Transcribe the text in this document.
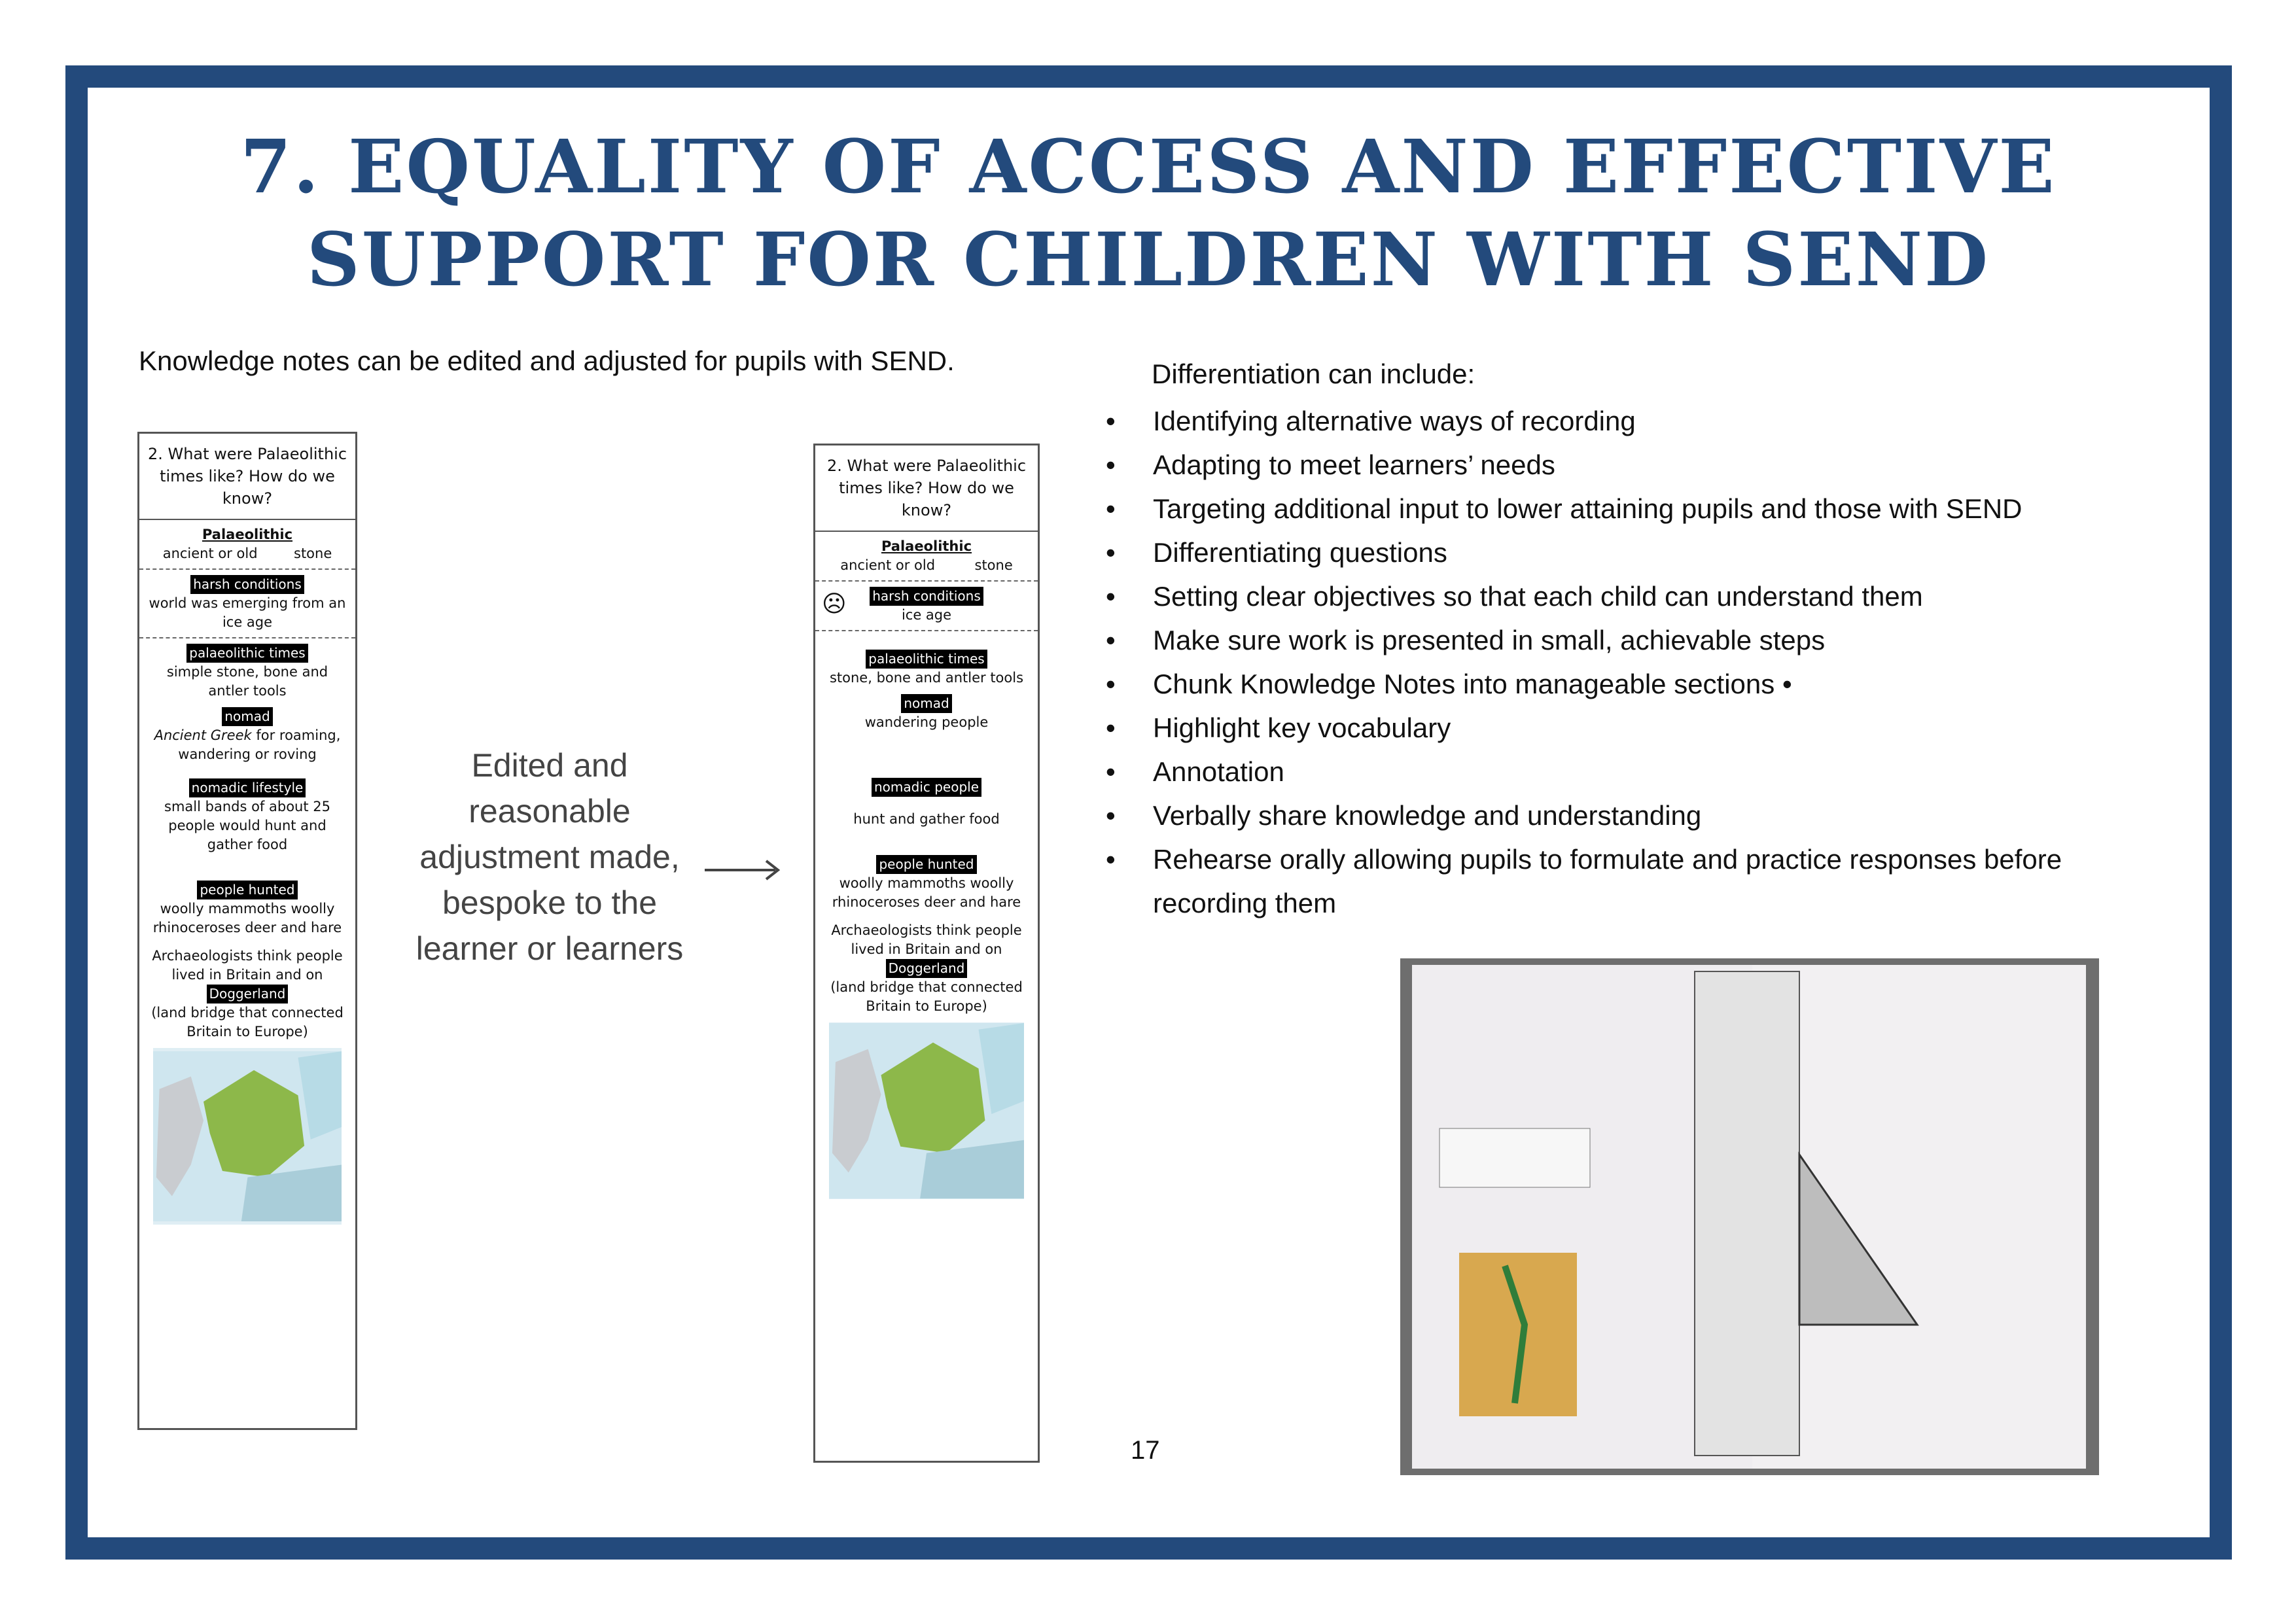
7. EQUALITY OF ACCESS AND EFFECTIVE SUPPORT FOR CHILDREN WITH SEND
Knowledge notes can be edited and adjusted for pupils with SEND.	Differentiation can include:
• Identifying alternative ways of recording
• Adapting to meet learners’ needs
• Targeting additional input to lower attaining pupils and those with SEND
• Differentiating questions
• Setting clear objectives so that each child can understand them
• Make sure work is presented in small, achievable steps
• Chunk Knowledge Notes into manageable sections •
• Highlight key vocabulary
• Annotation
• Verbally share knowledge and understanding
• Rehearse orally allowing pupils to formulate and practice responses before recording them
2. What were Palaeolithic times like? How do we know?
Palaeolithic
ancient or old	stone
harsh conditions
world was emerging from an ice age
palaeolithic times
simple stone, bone and antler tools
nomad
Ancient Greek for roaming, wandering or roving
nomadic lifestyle
small bands of about 25 people would hunt and gather food
people hunted
woolly mammoths woolly rhinoceroses deer and hare
Archaeologists think people lived in Britain and on
Doggerland
(land bridge that connected Britain to Europe)
2. What were Palaeolithic times like? How do we know?
Palaeolithic
ancient or old	stone
☹	harsh conditions
ice age
palaeolithic times
stone, bone and antler tools
nomad
wandering people
nomadic people
hunt and gather food
people hunted
woolly mammoths woolly rhinoceroses deer and hare
Archaeologists think people lived in Britain and on
Doggerland
(land bridge that connected Britain to Europe)
Edited and reasonable adjustment made, bespoke to the learner or learners
17
